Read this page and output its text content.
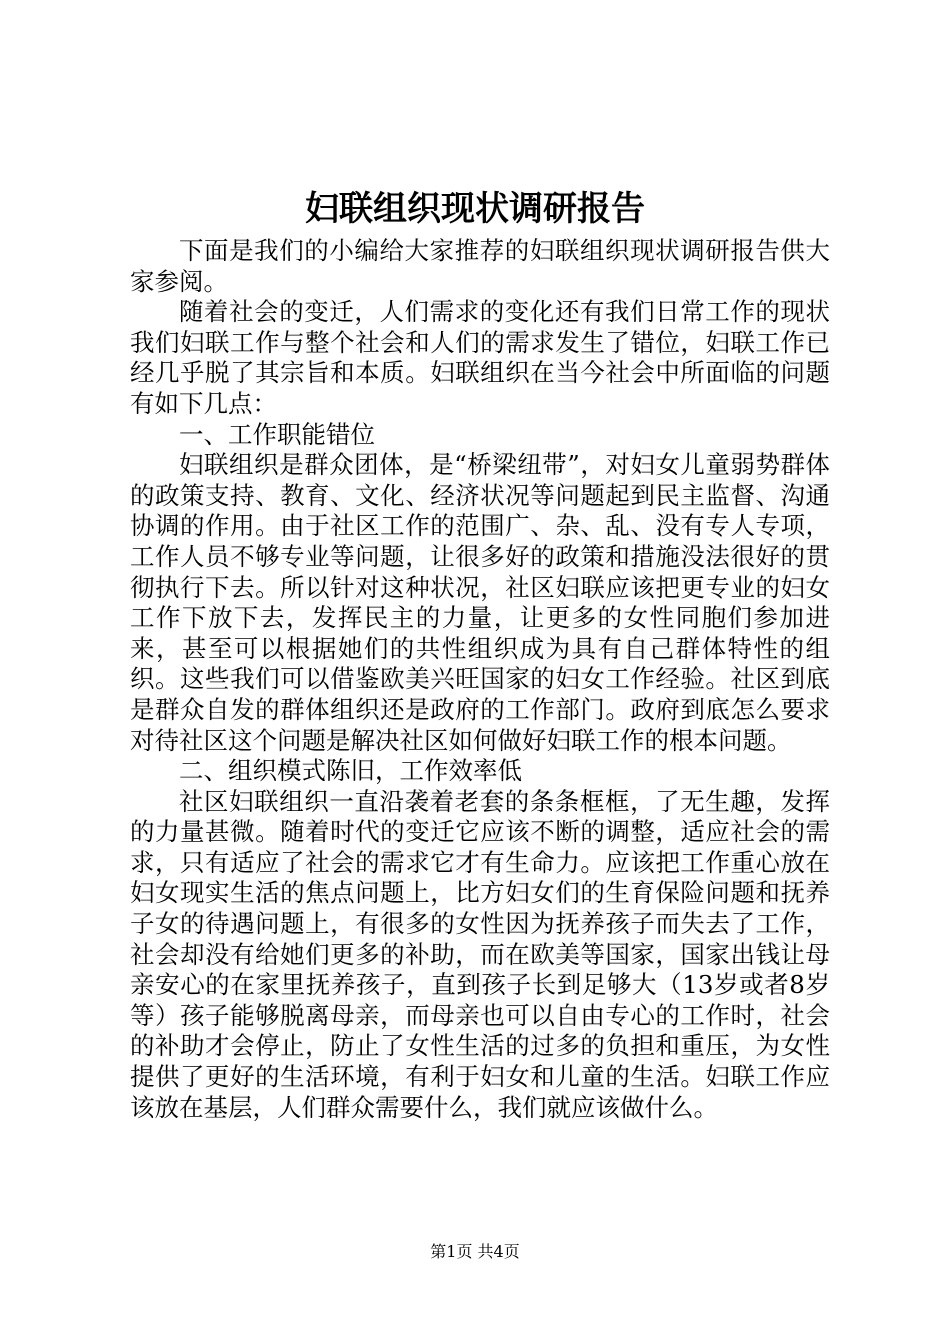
妇联组织现状调研报告

下面是我们的小编给大家推荐的妇联组织现状调研报告供大家参阅。

随着社会的变迁，人们需求的变化还有我们日常工作的现状我们妇联工作与整个社会和人们的需求发生了错位，妇联工作已经几乎脱了其宗旨和本质。妇联组织在当今社会中所面临的问题有如下几点：

一、工作职能错位

妇联组织是群众团体，是“桥梁纽带”，对妇女儿童弱势群体的政策支持、教育、文化、经济状况等问题起到民主监督、沟通协调的作用。由于社区工作的范围广、杂、乱、没有专人专项，工作人员不够专业等问题，让很多好的政策和措施没法很好的贯彻执行下去。所以针对这种状况，社区妇联应该把更专业的妇女工作下放下去，发挥民主的力量，让更多的女性同胞们参加进来，甚至可以根据她们的共性组织成为具有自己群体特性的组织。这些我们可以借鉴欧美兴旺国家的妇女工作经验。社区到底是群众自发的群体组织还是政府的工作部门。政府到底怎么要求对待社区这个问题是解决社区如何做好妇联工作的根本问题。

二、组织模式陈旧，工作效率低

社区妇联组织一直沿袭着老套的条条框框，了无生趣，发挥的力量甚微。随着时代的变迁它应该不断的调整，适应社会的需求，只有适应了社会的需求它才有生命力。应该把工作重心放在妇女现实生活的焦点问题上，比方妇女们的生育保险问题和抚养子女的待遇问题上，有很多的女性因为抚养孩子而失去了工作，社会却没有给她们更多的补助，而在欧美等国家，国家出钱让母亲安心的在家里抚养孩子，直到孩子长到足够大（13岁或者8岁等）孩子能够脱离母亲，而母亲也可以自由专心的工作时，社会的补助才会停止，防止了女性生活的过多的负担和重压，为女性提供了更好的生活环境，有利于妇女和儿童的生活。妇联工作应该放在基层，人们群众需要什么，我们就应该做什么。

第1页 共4页
